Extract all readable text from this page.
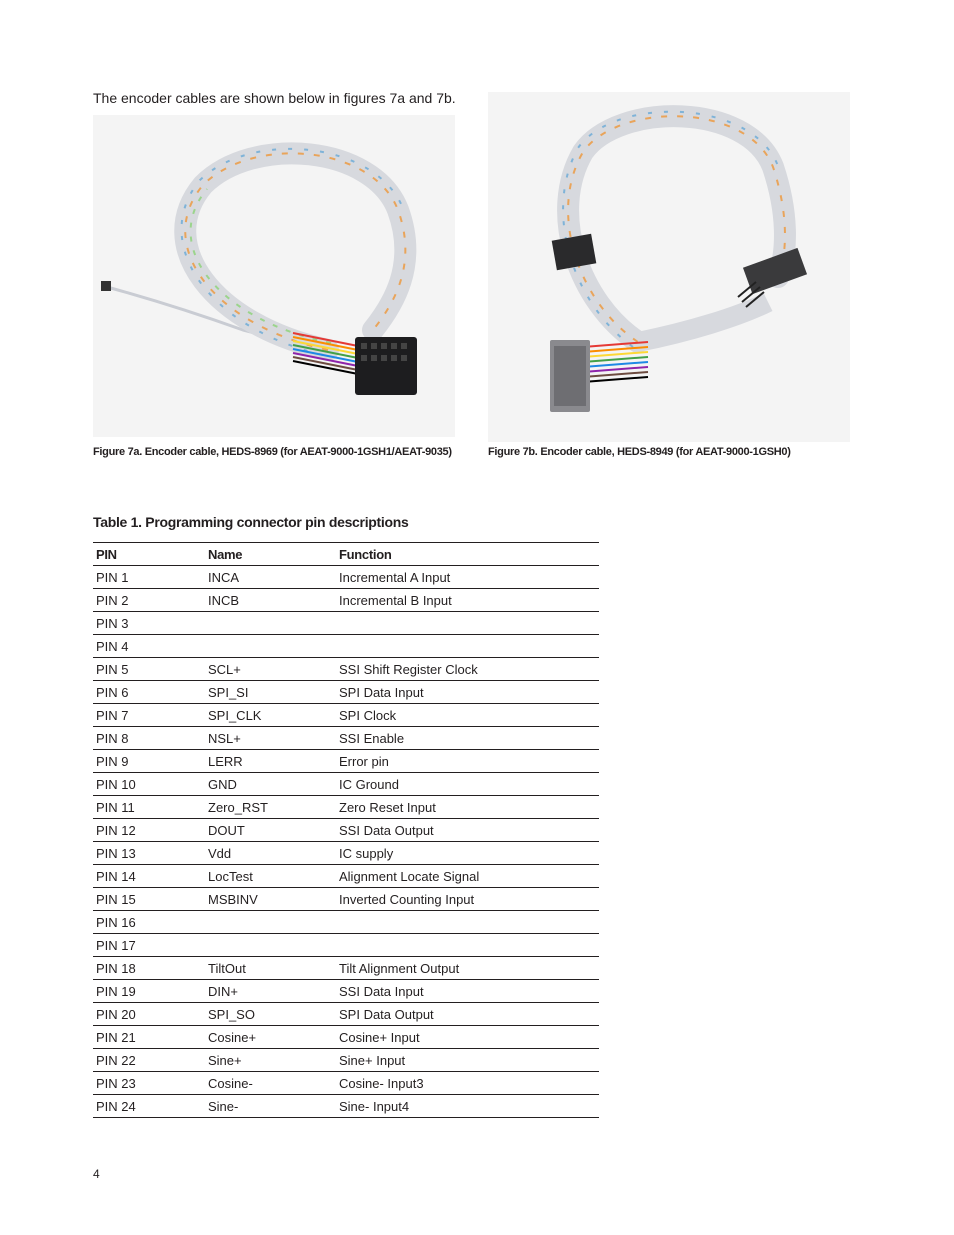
The encoder cables are shown below in figures 7a and 7b.
Figure 7a. Encoder cable, HEDS-8969 (for AEAT-9000-1GSH1/AEAT-9035)	Figure 7b. Encoder cable, HEDS-8949 (for AEAT-9000-1GSH0)
Table 1. Programming connector pin descriptions
PIN	Name	Function
PIN 1	INCA	Incremental A Input
PIN 2	INCB	Incremental B Input
PIN 3		
PIN 4		
PIN 5	SCL+	SSI Shift Register Clock
PIN 6	SPI_SI	SPI Data Input
PIN 7	SPI_CLK	SPI Clock
PIN 8	NSL+	SSI Enable
PIN 9	LERR	Error pin
PIN 10	GND	IC Ground
PIN 11	Zero_RST	Zero Reset Input
PIN 12	DOUT	SSI Data Output
PIN 13	Vdd	IC supply
PIN 14	LocTest	Alignment Locate Signal
PIN 15	MSBINV	Inverted Counting Input
PIN 16		
PIN 17		
PIN 18	TiltOut	Tilt Alignment Output
PIN 19	DIN+	SSI Data Input
PIN 20	SPI_SO	SPI Data Output
PIN 21	Cosine+	Cosine+ Input
PIN 22	Sine+	Sine+ Input
PIN 23	Cosine-	Cosine- Input3
PIN 24	Sine-	Sine- Input4
4
